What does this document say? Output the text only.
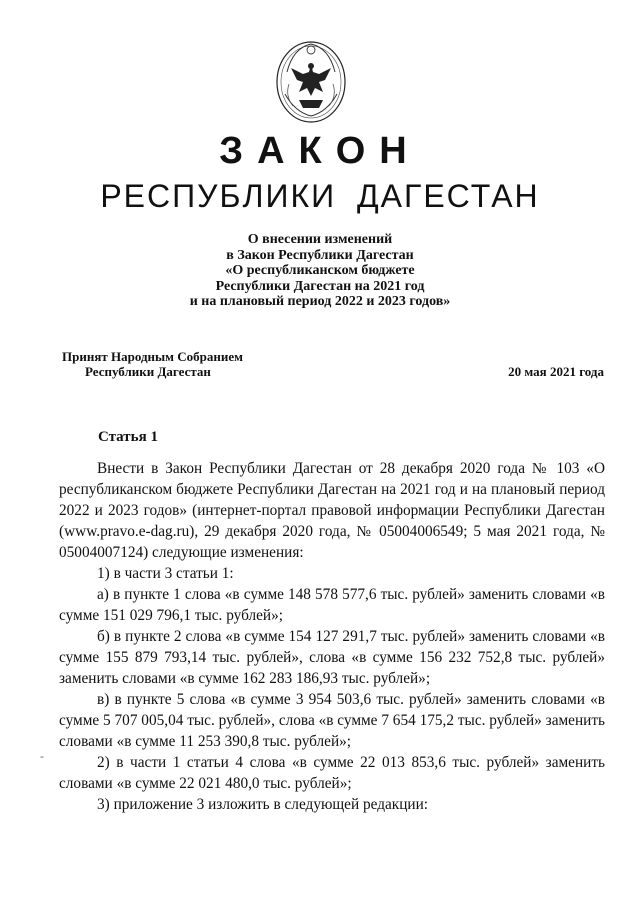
ЗАКОН
РЕСПУБЛИКИ ДАГЕСТАН
О внесении изменений
в Закон Республики Дагестан
«О республиканском бюджете
Республики Дагестан на 2021 год
и на плановый период 2022 и 2023 годов»
Принят Народным Собранием
Республики Дагестан	20 мая 2021 года
Статья 1

Внести в Закон Республики Дагестан от 28 декабря 2020 года № 103 «О республиканском бюджете Республики Дагестан на 2021 год и на плановый период 2022 и 2023 годов» (интернет-портал правовой информации Республики Дагестан (www.pravo.e-dag.ru), 29 декабря 2020 года, № 05004006549; 5 мая 2021 года, № 05004007124) следующие изменения:

1) в части 3 статьи 1:

а) в пункте 1 слова «в сумме 148 578 577,6 тыс. рублей» заменить словами «в сумме 151 029 796,1 тыс. рублей»;

б) в пункте 2 слова «в сумме 154 127 291,7 тыс. рублей» заменить словами «в сумме 155 879 793,14 тыс. рублей», слова «в сумме 156 232 752,8 тыс. рублей» заменить словами «в сумме 162 283 186,93 тыс. рублей»;

в) в пункте 5 слова «в сумме 3 954 503,6 тыс. рублей» заменить словами «в сумме 5 707 005,04 тыс. рублей», слова «в сумме 7 654 175,2 тыс. рублей» заменить словами «в сумме 11 253 390,8 тыс. рублей»;

2) в части 1 статьи 4 слова «в сумме 22 013 853,6 тыс. рублей» заменить словами «в сумме 22 021 480,0 тыс. рублей»;

3) приложение 3 изложить в следующей редакции:

-
